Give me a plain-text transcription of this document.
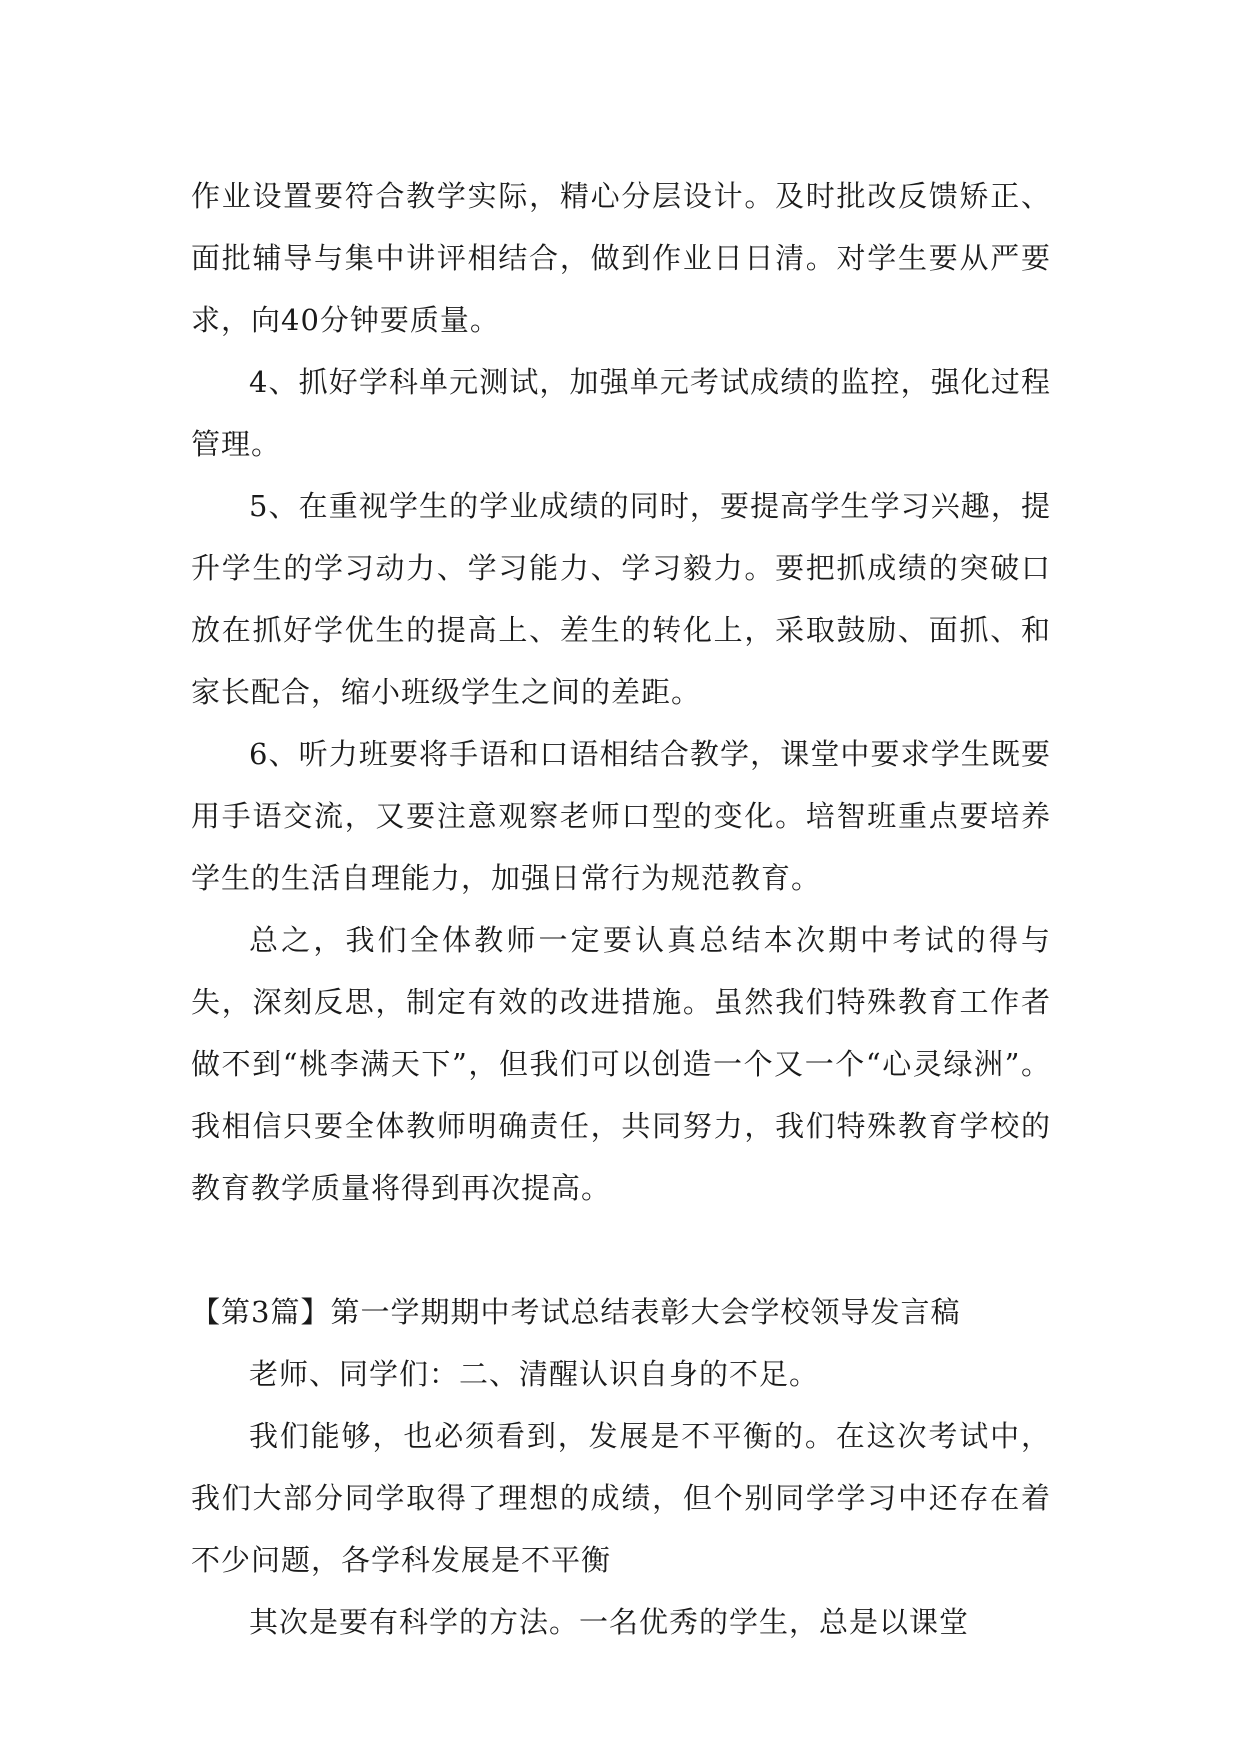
作业设置要符合教学实际，精心分层设计。及时批改反馈矫正、面批辅导与集中讲评相结合，做到作业日日清。对学生要从严要求，向40分钟要质量。

4、抓好学科单元测试，加强单元考试成绩的监控，强化过程管理。

5、在重视学生的学业成绩的同时，要提高学生学习兴趣，提升学生的学习动力、学习能力、学习毅力。要把抓成绩的突破口放在抓好学优生的提高上、差生的转化上，采取鼓励、面抓、和家长配合，缩小班级学生之间的差距。

6、听力班要将手语和口语相结合教学，课堂中要求学生既要用手语交流，又要注意观察老师口型的变化。培智班重点要培养学生的生活自理能力，加强日常行为规范教育。

总之，我们全体教师一定要认真总结本次期中考试的得与失，深刻反思，制定有效的改进措施。虽然我们特殊教育工作者做不到“桃李满天下”，但我们可以创造一个又一个“心灵绿洲”。我相信只要全体教师明确责任，共同努力，我们特殊教育学校的教育教学质量将得到再次提高。

【第3篇】第一学期期中考试总结表彰大会学校领导发言稿

老师、同学们：二、清醒认识自身的不足。

我们能够，也必须看到，发展是不平衡的。在这次考试中，我们大部分同学取得了理想的成绩，但个别同学学习中还存在着不少问题，各学科发展是不平衡

其次是要有科学的方法。一名优秀的学生，总是以课堂
